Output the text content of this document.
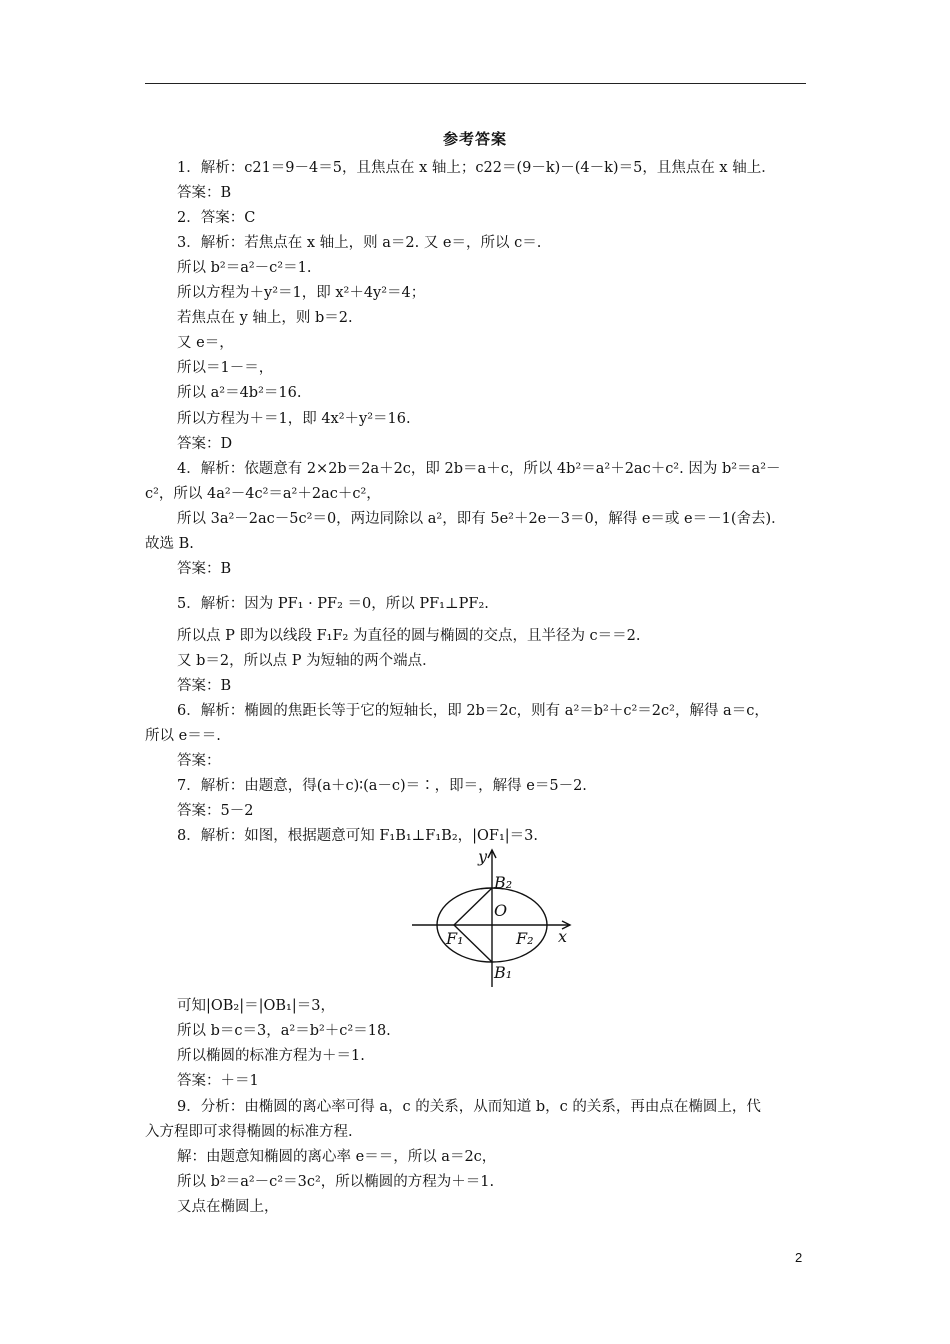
参考答案
1．解析：c21＝9－4＝5，且焦点在 x 轴上；c22＝(9－k)－(4－k)＝5，且焦点在 x 轴上．
答案：B
2．答案：C
3．解析：若焦点在 x 轴上，则 a＝2. 又 e＝，所以 c＝.
所以 b²＝a²－c²＝1.
所以方程为＋y²＝1，即 x²＋4y²＝4；
若焦点在 y 轴上，则 b＝2.
又 e＝，
所以＝1－＝，
所以 a²＝4b²＝16.
所以方程为＋＝1，即 4x²＋y²＝16.
答案：D
4．解析：依题意有 2×2b＝2a＋2c，即 2b＝a＋c，所以 4b²＝a²＋2ac＋c². 因为 b²＝a²－
c²，所以 4a²－4c²＝a²＋2ac＋c²，
所以 3a²－2ac－5c²＝0，两边同除以 a²，即有 5e²＋2e－3＝0，解得 e＝或 e＝－1(舍去)．
故选 B.
答案：B
5．解析：因为 PF₁ · PF₂ ＝0，所以 PF₁⊥PF₂.
所以点 P 即为以线段 F₁F₂ 为直径的圆与椭圆的交点，且半径为 c＝＝2.
又 b＝2，所以点 P 为短轴的两个端点．
答案：B
6．解析：椭圆的焦距长等于它的短轴长，即 2b＝2c，则有 a²＝b²＋c²＝2c²，解得 a＝c，
所以 e＝＝.
答案：
7．解析：由题意，得(a＋c)∶(a－c)＝∶，即＝，解得 e＝5－2.
答案：5－2
8．解析：如图，根据题意可知 F₁B₁⊥F₁B₂，|OF₁|＝3.
y
x
O
B₂
B₁
F₁	F₂
可知|OB₂|＝|OB₁|＝3，
所以 b＝c＝3，a²＝b²＋c²＝18.
所以椭圆的标准方程为＋＝1.
答案：＋＝1
9．分析：由椭圆的离心率可得 a，c 的关系，从而知道 b，c 的关系，再由点在椭圆上，代
入方程即可求得椭圆的标准方程.
解：由题意知椭圆的离心率 e＝＝，所以 a＝2c，
所以 b²＝a²－c²＝3c²，所以椭圆的方程为＋＝1.
又点在椭圆上，
2
